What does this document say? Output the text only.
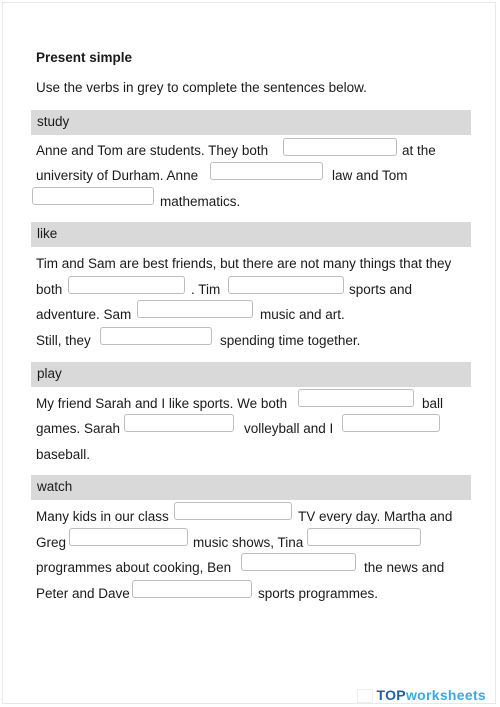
Present simple
Use the verbs in grey to complete the sentences below.
study
Anne and Tom are students. They both	at the
university of Durham. Anne	law and Tom
mathematics.
like
Tim and Sam are best friends, but there are not many things that they
both	. Tim	sports and
adventure. Sam	music and art.
Still, they	spending time together.
play
My friend Sarah and I like sports. We both	ball
games. Sarah	volleyball and I
baseball.
watch
Many kids in our class	TV every day. Martha and
Greg	music shows, Tina
programmes about cooking, Ben	the news and
Peter and Dave	sports programmes.
TOPworksheets
